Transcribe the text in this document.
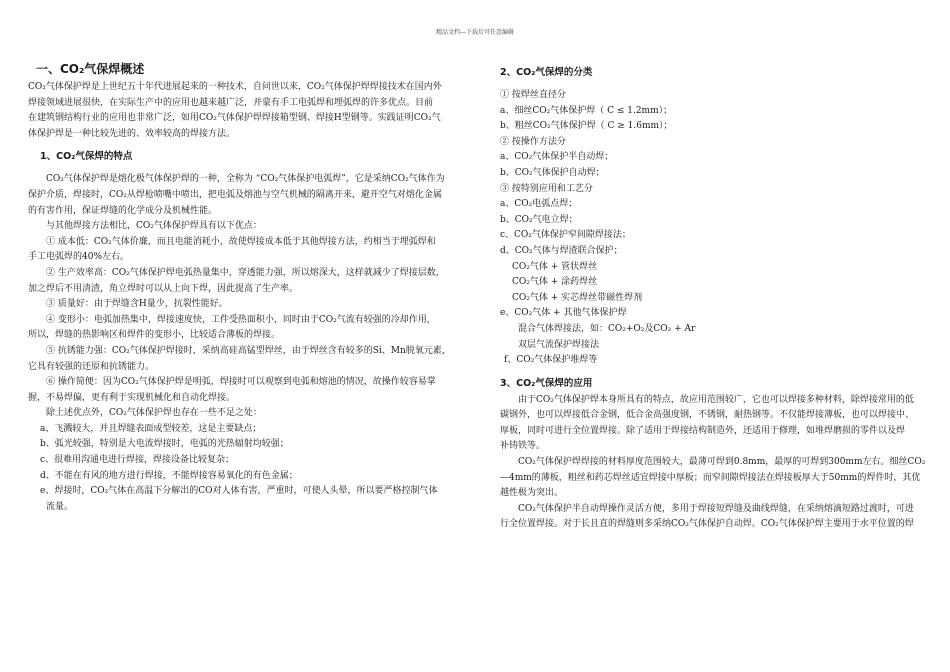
精品文档---下载后可任意编辑
一、CO₂气保焊概述
CO₂气体保护焊是上世纪五十年代进展起来的一种技术，自问世以来，CO₂气体保护焊焊接技术在国内外
焊接领域进展很快，在实际生产中的应用也越来越广泛，并蒙有手工电弧焊和埋弧焊的许多优点。目前
在建筑钢结构行业的应用也非常广泛，如用CO₂气体保护焊焊接箱型钢、焊接H型钢等。实践证明CO₂气
体保护焊是一种比较先进的、效率较高的焊接方法。
1、CO₂气保焊的特点
CO₂气体保护焊是熔化极气体保护焊的一种，全称为 “CO₂气体保护电弧焊”，它是采纳CO₂气体作为
保护介质，焊接时，CO₂从焊枪喷嘴中喷出，把电弧及熔池与空气机械的隔离开来，避开空气对熔化金属
的有害作用，保证焊缝的化学成分及机械性能。
与其他焊接方法相比，CO₂气体保护焊具有以下优点：
① 成本低：CO₂气体价廉，而且电能消耗小，故使焊接成本低于其他焊接方法，约相当于埋弧焊和
手工电弧焊的40%左右。
② 生产效率高：CO₂气体保护焊电弧热量集中，穿透能力强，所以熔深大，这样就减少了焊接层数，
加之焊后不用清渣，角立焊时可以从上向下焊，因此提高了生产率。
③ 质量好：由于焊缝含H量少，抗裂性能好。
④ 变形小：电弧加热集中，焊接速度快，工件受热面积小，同时由于CO₂气流有较强的冷却作用，
所以，焊缝的热影响区和焊件的变形小，比较适合薄板的焊接。
⑤ 抗锈能力强：CO₂气体保护焊接时，采纳高硅高锰型焊丝，由于焊丝含有较多的Si、Mn脱氧元素，
它具有较强的还原和抗锈能力。
⑥ 操作简便：因为CO₂气体保护焊是明弧，焊接时可以观察到电弧和熔池的情况，故操作较容易掌
握，不易焊偏，更有利于实现机械化和自动化焊接。
除上述优点外，CO₂气体保护焊也存在一些不足之处：
a、飞溅较大，并且焊缝表面成型较差，这是主要缺点；
b、弧光较强，特别是大电流焊接时，电弧的光热辐射均较强；
c、很难用沟通电进行焊接，焊接设备比较复杂；
d、不能在有风的地方进行焊接，不能焊接容易氧化的有色金属；
e、焊接时，CO₂气体在高温下分解出的CO对人体有害，严重时，可使人头晕，所以要严格控制气体
流量。
2、CO₂气保焊的分类
① 按焊丝直径分
a、细丝CO₂气体保护焊（ C ≤ 1.2mm）；
b、粗丝CO₂气体保护焊（ C ≥ 1.6mm）；
② 按操作方法分
a、CO₂气体保护半自动焊；
b、CO₂气体保护自动焊；
③ 按特别应用和工艺分
a、CO₂电弧点焊；
b、CO₂气电立焊；
c、CO₂气体保护窄间隙焊接法；
d、CO₂气体与焊渣联合保护；
CO₂气体 + 管状焊丝
CO₂气体 + 涂药焊丝
CO₂气体 + 实芯焊丝带磁性焊剂
e、CO₂气体 + 其他气体保护焊
混合气体焊接法，如：CO₂+O₂及CO₂ + Ar
双层气流保护焊接法
f、CO₂气体保护堆焊等
3、CO₂气保焊的应用
由于CO₂气体保护焊本身所具有的特点，故应用范围较广，它也可以焊接多种材料，除焊接常用的低
碳钢外，也可以焊接低合金钢，低合金高强度钢，不锈钢，耐热钢等。不仅能焊接薄板，也可以焊接中、
厚板，同时可进行全位置焊接。除了适用于焊接结构制造外，还适用于修理，如堆焊磨损的零件以及焊
补铸铁等。
CO₂气体保护焊焊接的材料厚度范围较大，最薄可焊到0.8mm，最厚的可焊到300mm左右。细丝CO₂
—4mm的薄板，粗丝和药芯焊丝适宜焊接中厚板；而窄间隙焊接法在焊接板厚大于50mm的焊件时，其优
越性极为突出。
CO₂气体保护半自动焊操作灵活方便，多用于焊接短焊缝及曲线焊缝，在采纳熔滴短路过渡时，可进
行全位置焊接。对于长且直的焊缝则多采纳CO₂气体保护自动焊。CO₂气体保护焊主要用于水平位置的焊
